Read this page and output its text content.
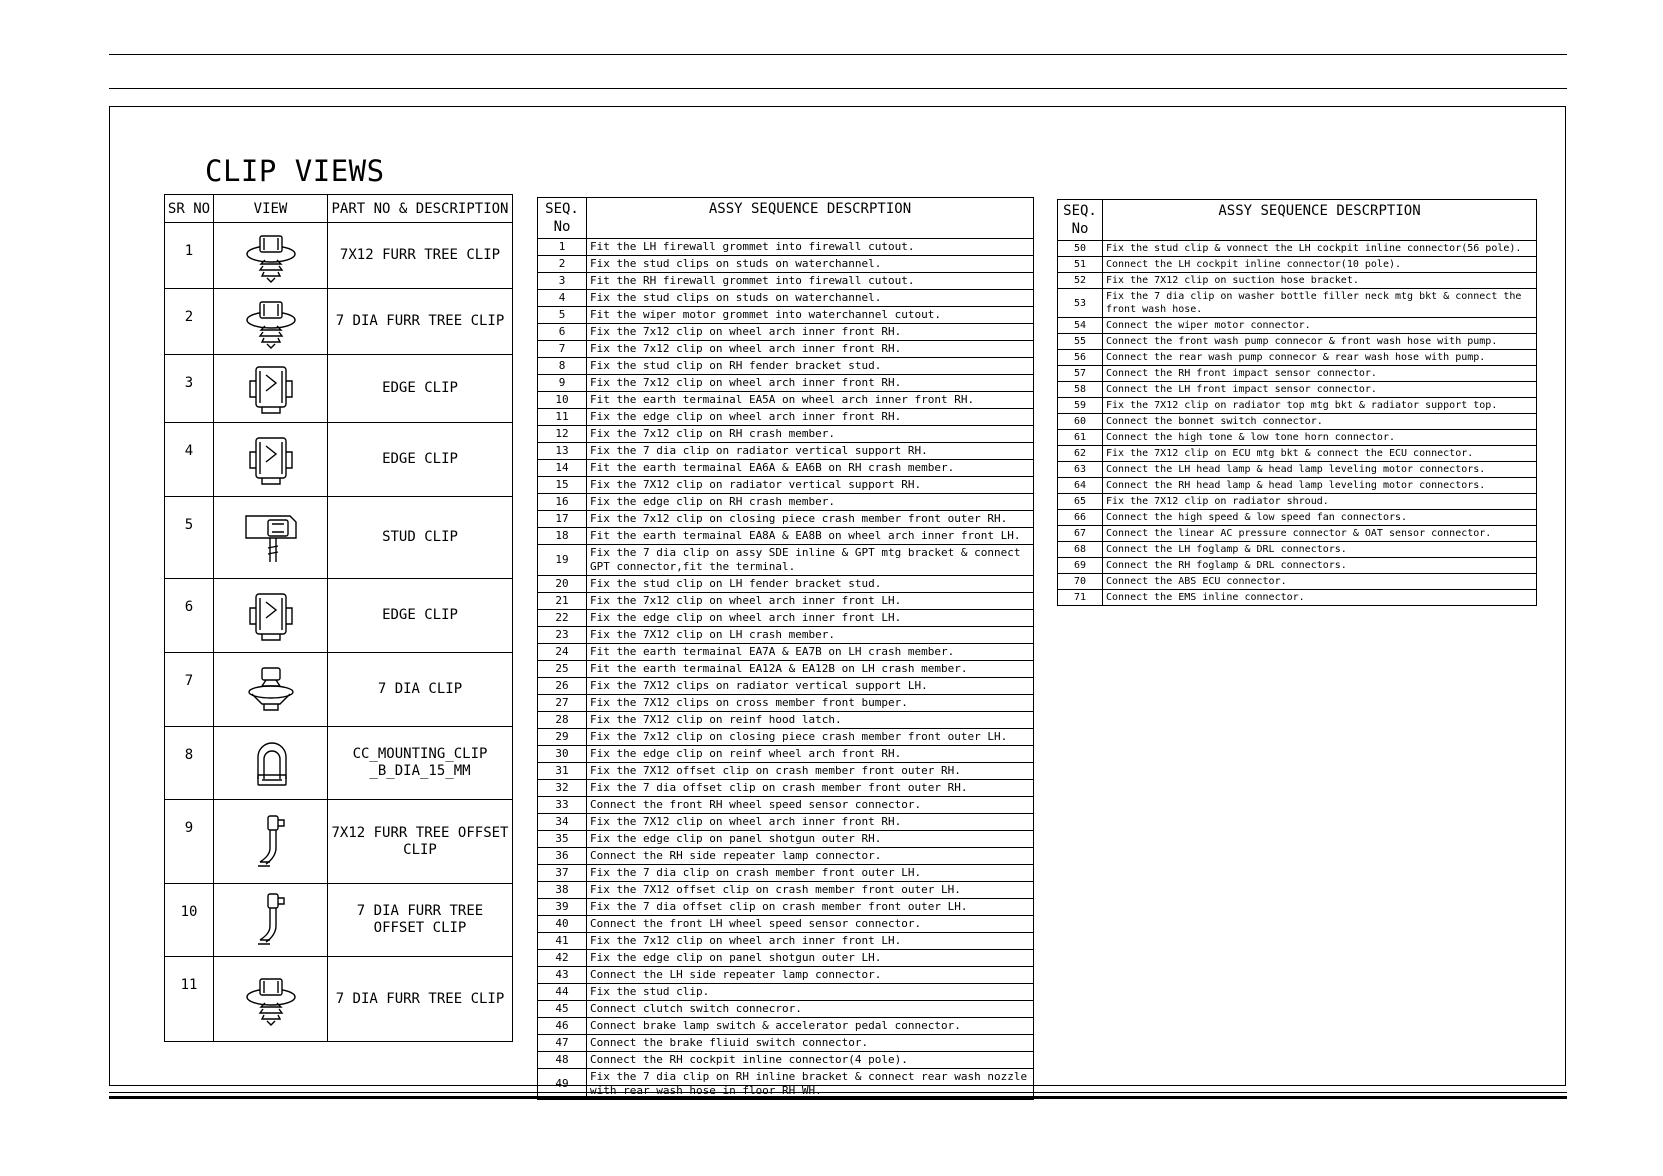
CLIP VIEWS
SR NO	VIEW	PART NO & DESCRIPTION
1		7X12 FURR TREE CLIP
2		7 DIA FURR TREE CLIP
3		EDGE CLIP
4		EDGE CLIP
5		STUD CLIP
6		EDGE CLIP
7		7 DIA CLIP
8		CC_MOUNTING_CLIP
_B_DIA_15_MM
9		7X12 FURR TREE OFFSET
CLIP
10		7 DIA FURR TREE
OFFSET CLIP
11		7 DIA FURR TREE CLIP
SEQ.
No	ASSY SEQUENCE DESCRPTION
1	Fit the LH firewall grommet into firewall cutout.
2	Fix the stud clips on studs on waterchannel.
3	Fit the RH firewall grommet into firewall cutout.
4	Fix the stud clips on studs on waterchannel.
5	Fit the wiper motor grommet into waterchannel cutout.
6	Fix the 7x12 clip on wheel arch inner front RH.
7	Fix the 7x12 clip on wheel arch inner front RH.
8	Fix the stud clip on RH fender bracket stud.
9	Fix the 7x12 clip on wheel arch inner front RH.
10	Fit the earth termainal EA5A on wheel arch inner front RH.
11	Fix the edge clip on wheel arch inner front RH.
12	Fix the 7x12 clip on RH crash member.
13	Fix the 7 dia clip on radiator vertical support RH.
14	Fit the earth termainal EA6A & EA6B on RH crash member.
15	Fix the 7X12 clip on radiator vertical support RH.
16	Fix the edge clip on RH crash member.
17	Fix the 7x12 clip on closing piece crash member front outer RH.
18	Fit the earth termainal EA8A & EA8B on wheel arch inner front LH.
19	Fix the 7 dia clip on assy SDE inline & GPT mtg bracket & connect
GPT connector,fit the terminal.
20	Fix the stud clip on LH fender bracket stud.
21	Fix the 7x12 clip on wheel arch inner front LH.
22	Fix the edge clip on wheel arch inner front LH.
23	Fix the 7X12 clip on LH crash member.
24	Fit the earth termainal EA7A & EA7B on LH crash member.
25	Fit the earth termainal EA12A & EA12B on LH crash member.
26	Fix the 7X12 clips on radiator vertical support LH.
27	Fix the 7X12 clips on cross member front bumper.
28	Fix the 7X12 clip on reinf hood latch.
29	Fix the 7x12 clip on closing piece crash member front outer LH.
30	Fix the edge clip on reinf wheel arch front RH.
31	Fix the 7X12 offset clip on crash member front outer RH.
32	Fix the 7 dia offset clip on crash member front outer RH.
33	Connect the front RH wheel speed sensor connector.
34	Fix the 7X12 clip on wheel arch inner front RH.
35	Fix the edge clip on panel shotgun outer RH.
36	Connect the RH side repeater lamp connector.
37	Fix the 7 dia clip on crash member front outer LH.
38	Fix the 7X12 offset clip on crash member front outer LH.
39	Fix the 7 dia offset clip on crash member front outer LH.
40	Connect the front LH wheel speed sensor connector.
41	Fix the 7x12 clip on wheel arch inner front LH.
42	Fix the edge clip on panel shotgun outer LH.
43	Connect the LH side repeater lamp connector.
44	Fix the stud clip.
45	Connect clutch switch connecror.
46	Connect brake lamp switch & accelerator pedal connector.
47	Connect the brake fliuid switch connector.
48	Connect the RH cockpit inline connector(4 pole).
49	Fix the 7 dia clip on RH inline bracket & connect rear wash nozzle
with rear wash hose in floor RH WH.
SEQ.
No	ASSY SEQUENCE DESCRPTION
50	Fix the stud clip & vonnect the LH cockpit inline connector(56 pole).
51	Connect the LH cockpit inline connector(10 pole).
52	Fix the 7X12 clip on suction hose bracket.
53	Fix the 7 dia clip on washer bottle filler neck mtg bkt & connect the
front wash hose.
54	Connect the wiper motor connector.
55	Connect the front wash pump connecor & front wash hose with pump.
56	Connect the rear wash pump connecor & rear wash hose with pump.
57	Connect the RH front impact sensor connector.
58	Connect the LH front impact sensor connector.
59	Fix the 7X12 clip on radiator top mtg bkt & radiator support top.
60	Connect the bonnet switch connector.
61	Connect the high tone & low tone horn connector.
62	Fix the 7X12 clip on ECU mtg bkt & connect the ECU connector.
63	Connect the LH head lamp & head lamp leveling motor connectors.
64	Connect the RH head lamp & head lamp leveling motor connectors.
65	Fix the 7X12 clip on radiator shroud.
66	Connect the high speed & low speed fan connectors.
67	Connect the linear AC pressure connector & OAT sensor connector.
68	Connect the LH foglamp & DRL connectors.
69	Connect the RH foglamp & DRL connectors.
70	Connect the ABS ECU connector.
71	Connect the EMS inline connector.
